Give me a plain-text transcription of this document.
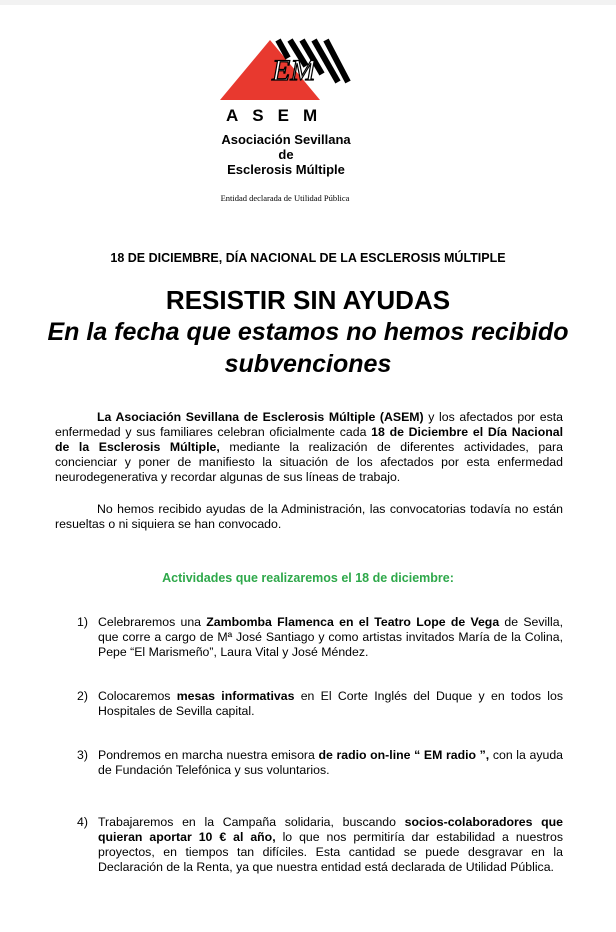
EM
ASEM
Asociación Sevillana
de
Esclerosis Múltiple
Entidad declarada de Utilidad Pública
18 DE DICIEMBRE, DÍA NACIONAL DE LA ESCLEROSIS MÚLTIPLE
RESISTIR SIN AYUDAS
En la fecha que estamos no hemos recibido subvenciones
La Asociación Sevillana de Esclerosis Múltiple (ASEM) y los afectados por esta enfermedad y sus familiares celebran oficialmente cada 18 de Diciembre el Día Nacional de la Esclerosis Múltiple, mediante la realización de diferentes actividades, para concienciar y poner de manifiesto la situación de los afectados por esta enfermedad neurodegenerativa y recordar algunas de sus líneas de trabajo.
No hemos recibido ayudas de la Administración, las convocatorias todavía no están resueltas o ni siquiera se han convocado.
Actividades que realizaremos el 18 de diciembre:
1) Celebraremos una Zambomba Flamenca en el Teatro Lope de Vega de Sevilla, que corre a cargo de Mª José Santiago y como artistas invitados María de la Colina, Pepe “El Marismeño”, Laura Vital y José Méndez.
2) Colocaremos mesas informativas en El Corte Inglés del Duque y en todos los Hospitales de Sevilla capital.
3) Pondremos en marcha nuestra emisora de radio on-line “ EM radio ”, con la ayuda de Fundación Telefónica y sus voluntarios.
4) Trabajaremos en la Campaña solidaria, buscando socios-colaboradores que quieran aportar 10 € al año, lo que nos permitiría dar estabilidad a nuestros proyectos, en tiempos tan difíciles. Esta cantidad se puede desgravar en la Declaración de la Renta, ya que nuestra entidad está declarada de Utilidad Pública.
